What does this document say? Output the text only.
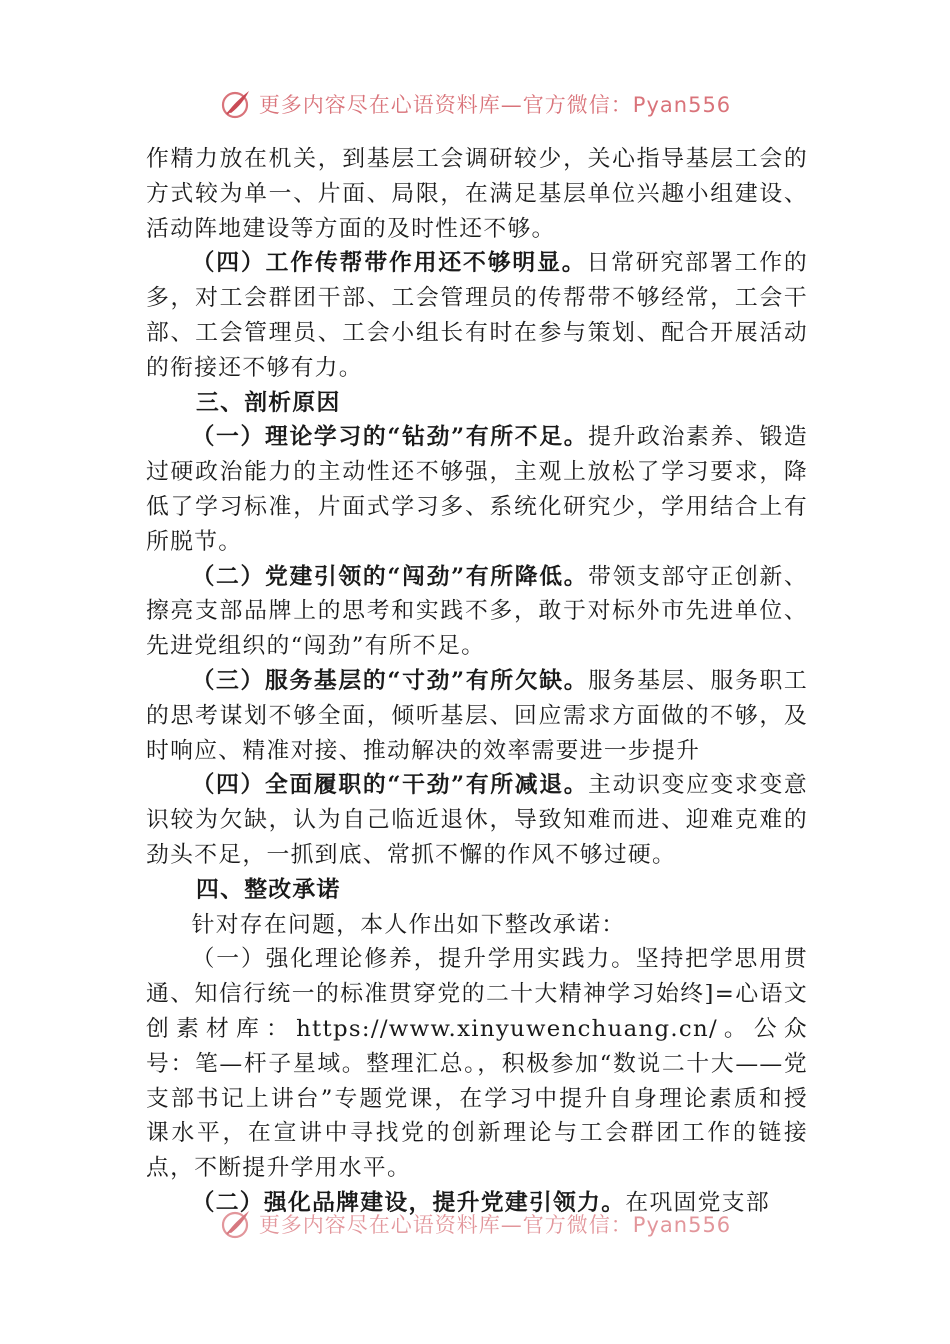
更多内容尽在心语资料库—官方微信：Pyan556

作精力放在机关，到基层工会调研较少，关心指导基层工会的方式较为单一、片面、局限，在满足基层单位兴趣小组建设、活动阵地建设等方面的及时性还不够。

（四）工作传帮带作用还不够明显。日常研究部署工作的多，对工会群团干部、工会管理员的传帮带不够经常，工会干部、工会管理员、工会小组长有时在参与策划、配合开展活动的衔接还不够有力。

三、剖析原因

（一）理论学习的“钻劲”有所不足。提升政治素养、锻造过硬政治能力的主动性还不够强，主观上放松了学习要求，降低了学习标准，片面式学习多、系统化研究少，学用结合上有所脱节。

（二）党建引领的“闯劲”有所降低。带领支部守正创新、擦亮支部品牌上的思考和实践不多，敢于对标外市先进单位、先进党组织的“闯劲”有所不足。

（三）服务基层的“寸劲”有所欠缺。服务基层、服务职工的思考谋划不够全面，倾听基层、回应需求方面做的不够，及时响应、精准对接、推动解决的效率需要进一步提升

（四）全面履职的“干劲”有所减退。主动识变应变求变意识较为欠缺，认为自己临近退休，导致知难而进、迎难克难的劲头不足，一抓到底、常抓不懈的作风不够过硬。

四、整改承诺

针对存在问题，本人作出如下整改承诺：

（一）强化理论修养，提升学用实践力。坚持把学思用贯通、知信行统一的标准贯穿党的二十大精神学习始终]=心语文创素材库：https://www.xinyuwenchuang.cn/。公众号：笔—杆子星域。整理汇总。，积极参加“数说二十大——党支部书记上讲台”专题党课，在学习中提升自身理论素质和授课水平，在宣讲中寻找党的创新理论与工会群团工作的链接点，不断提升学用水平。

（二）强化品牌建设，提升党建引领力。在巩固党支部

更多内容尽在心语资料库—官方微信：Pyan556
